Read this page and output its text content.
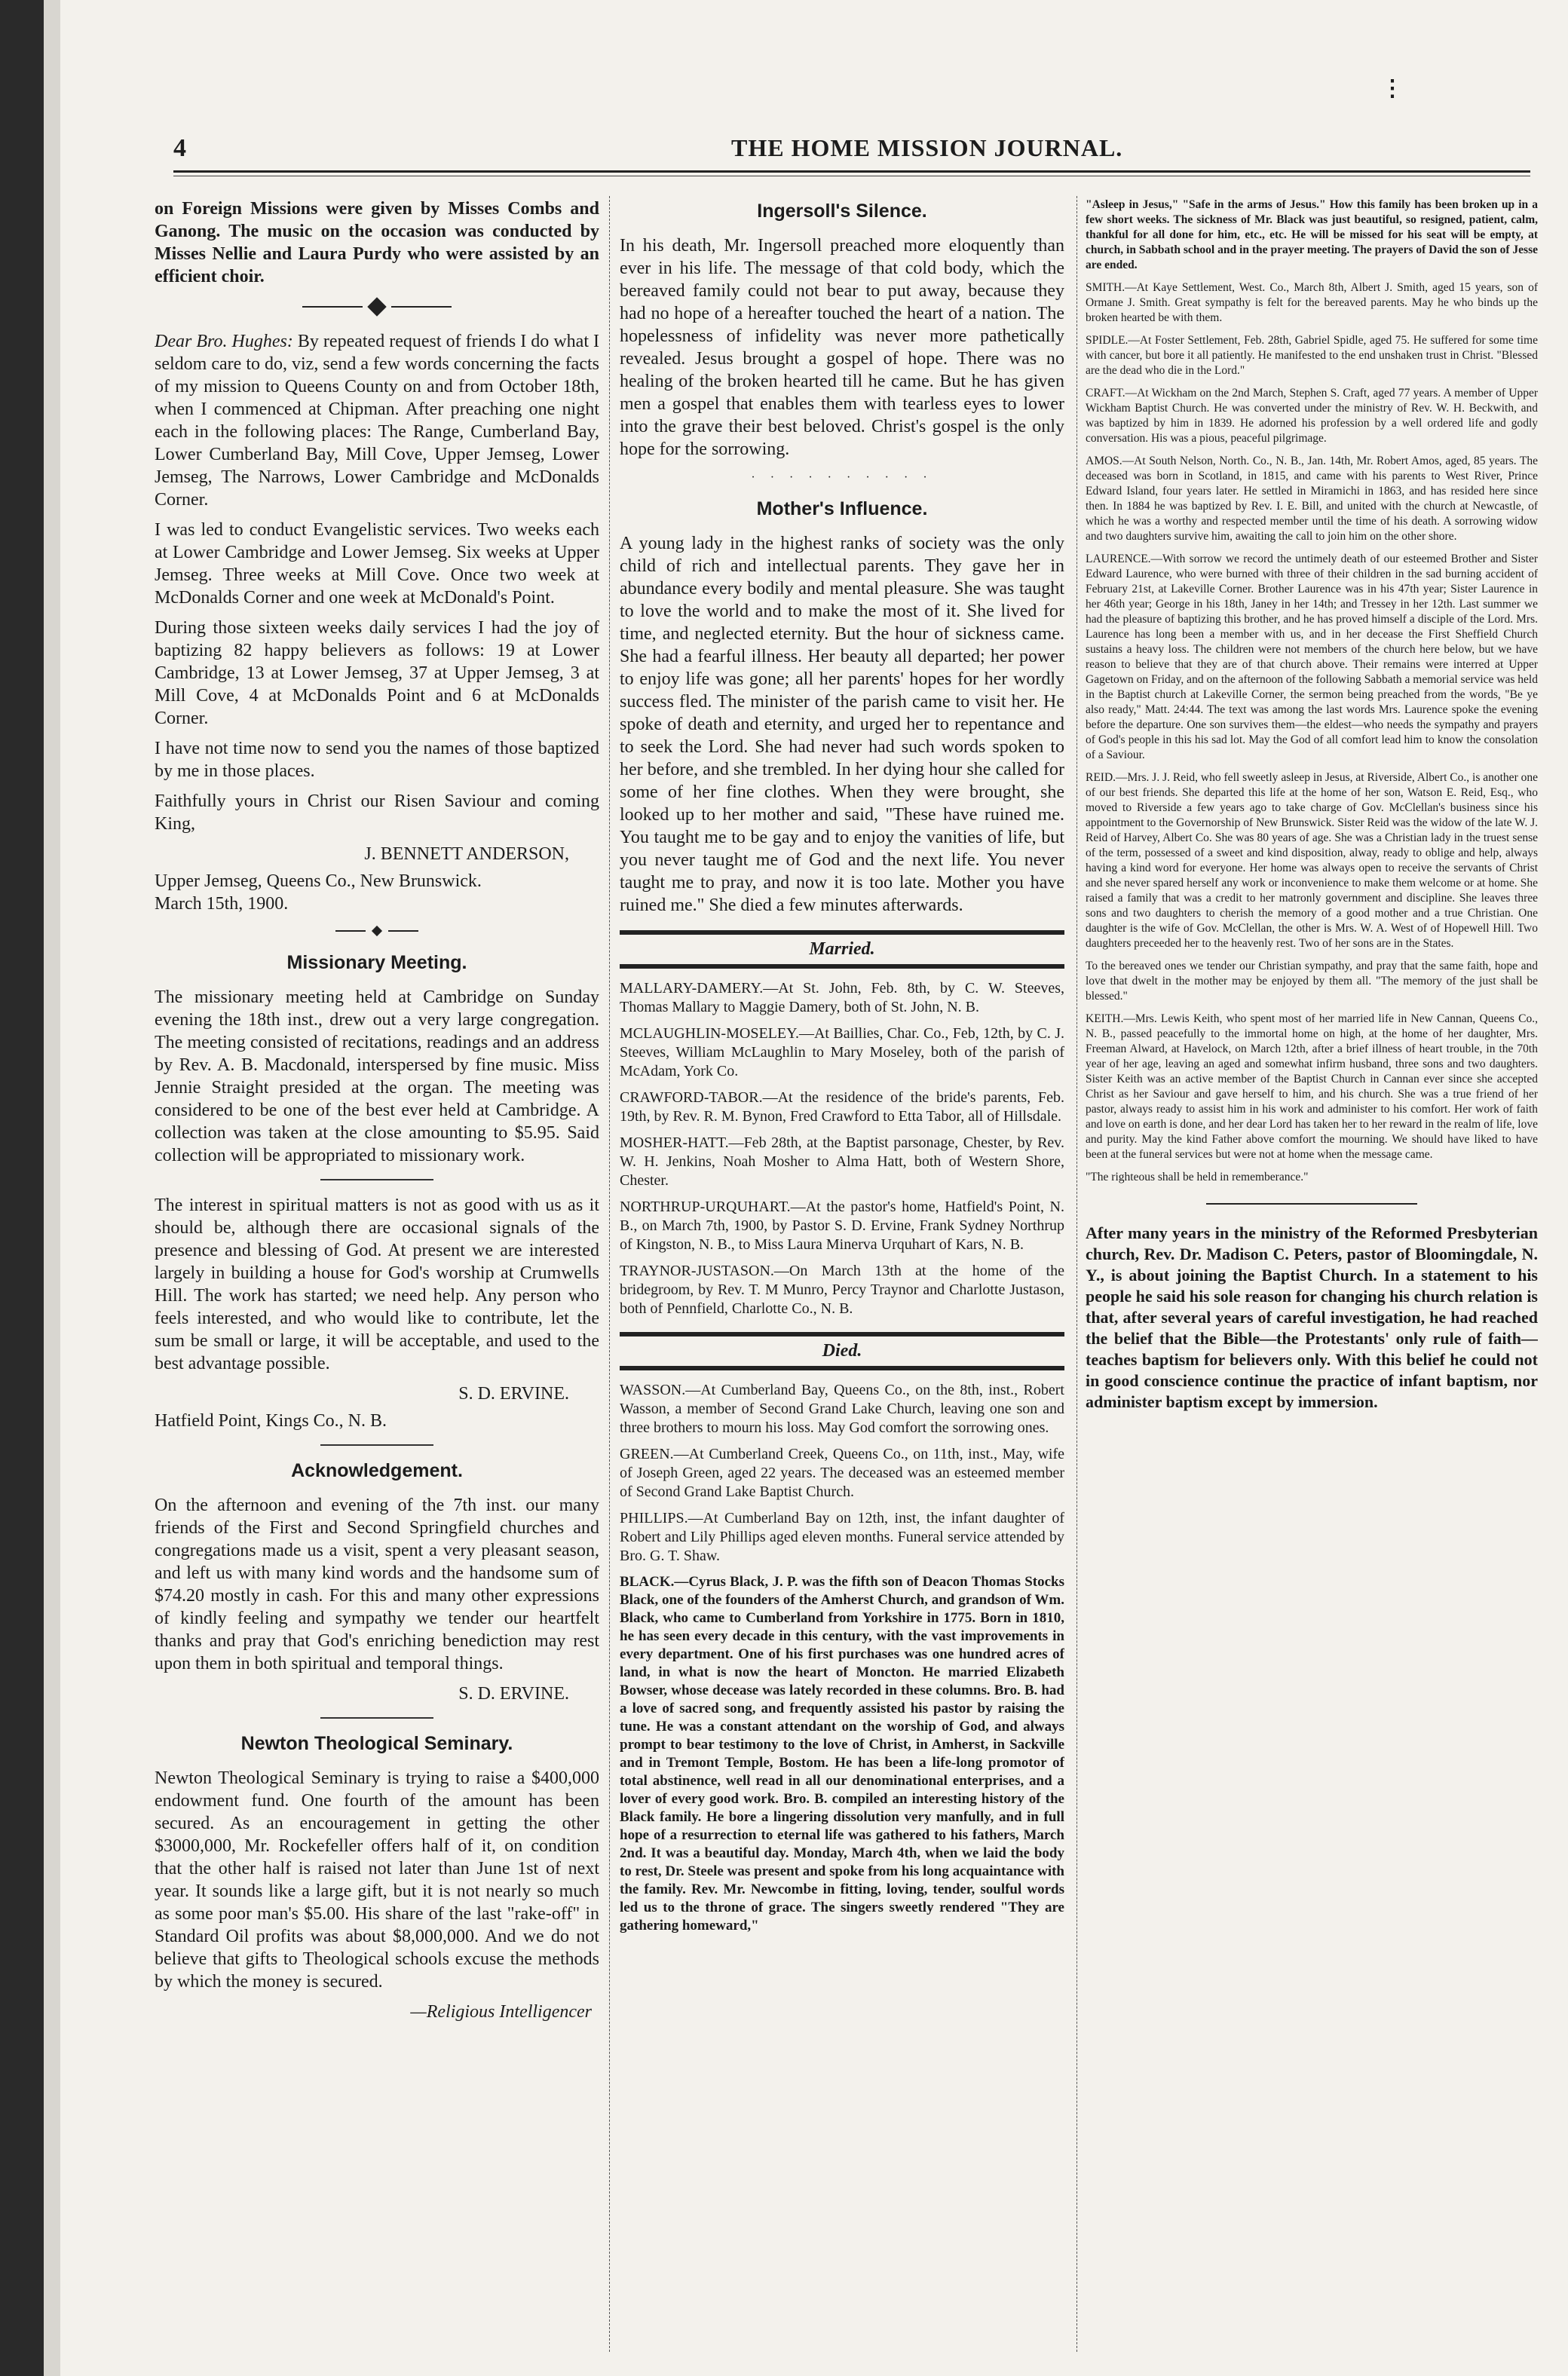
⋮
4	THE HOME MISSION JOURNAL.

on Foreign Missions were given by Misses Combs and Ganong. The music on the occasion was conducted by Misses Nellie and Laura Purdy who were assisted by an efficient choir.

Dear Bro. Hughes: By repeated request of friends I do what I seldom care to do, viz, send a few words concerning the facts of my mission to Queens County on and from October 18th, when I commenced at Chipman. After preaching one night each in the following places: The Range, Cumberland Bay, Lower Cumberland Bay, Mill Cove, Upper Jemseg, Lower Jemseg, The Narrows, Lower Cambridge and McDonalds Corner.

I was led to conduct Evangelistic services. Two weeks each at Lower Cambridge and Lower Jemseg. Six weeks at Upper Jemseg. Three weeks at Mill Cove. Once two week at McDonalds Corner and one week at McDonald's Point.

During those sixteen weeks daily services I had the joy of baptizing 82 happy believers as follows: 19 at Lower Cambridge, 13 at Lower Jemseg, 37 at Upper Jemseg, 3 at Mill Cove, 4 at McDonalds Point and 6 at McDonalds Corner.

I have not time now to send you the names of those baptized by me in those places.

Faithfully yours in Christ our Risen Saviour and coming King,

J. BENNETT ANDERSON,

Upper Jemseg, Queens Co., New Brunswick.

March 15th, 1900.

Missionary Meeting.

The missionary meeting held at Cambridge on Sunday evening the 18th inst., drew out a very large congregation. The meeting consisted of recitations, readings and an address by Rev. A. B. Macdonald, interspersed by fine music. Miss Jennie Straight presided at the organ. The meeting was considered to be one of the best ever held at Cambridge. A collection was taken at the close amounting to $5.95. Said collection will be appropriated to missionary work.

The interest in spiritual matters is not as good with us as it should be, although there are occasional signals of the presence and blessing of God. At present we are interested largely in building a house for God's worship at Crumwells Hill. The work has started; we need help. Any person who feels interested, and who would like to contribute, let the sum be small or large, it will be acceptable, and used to the best advantage possible.

S. D. ERVINE.

Hatfield Point, Kings Co., N. B.

Acknowledgement.

On the afternoon and evening of the 7th inst. our many friends of the First and Second Springfield churches and congregations made us a visit, spent a very pleasant season, and left us with many kind words and the handsome sum of $74.20 mostly in cash. For this and many other expressions of kindly feeling and sympathy we tender our heartfelt thanks and pray that God's enriching benediction may rest upon them in both spiritual and temporal things.

S. D. ERVINE.

Newton Theological Seminary.

Newton Theological Seminary is trying to raise a $400,000 endowment fund. One fourth of the amount has been secured. As an encouragement in getting the other $3000,000, Mr. Rockefeller offers half of it, on condition that the other half is raised not later than June 1st of next year. It sounds like a large gift, but it is not nearly so much as some poor man's $5.00. His share of the last "rake-off" in Standard Oil profits was about $8,000,000. And we do not believe that gifts to Theological schools excuse the methods by which the money is secured.

—Religious Intelligencer

Ingersoll's Silence.

In his death, Mr. Ingersoll preached more eloquently than ever in his life. The message of that cold body, which the bereaved family could not bear to put away, because they had no hope of a hereafter touched the heart of a nation. The hopelessness of infidelity was never more pathetically revealed. Jesus brought a gospel of hope. There was no healing of the broken hearted till he came. But he has given men a gospel that enables them with tearless eyes to lower into the grave their best beloved. Christ's gospel is the only hope for the sorrowing.

· · · · · · · · · ·
Mother's Influence.

A young lady in the highest ranks of society was the only child of rich and intellectual parents. They gave her in abundance every bodily and mental pleasure. She was taught to love the world and to make the most of it. She lived for time, and neglected eternity. But the hour of sickness came. She had a fearful illness. Her beauty all departed; her power to enjoy life was gone; all her parents' hopes for her wordly success fled. The minister of the parish came to visit her. He spoke of death and eternity, and urged her to repentance and to seek the Lord. She had never had such words spoken to her before, and she trembled. In her dying hour she called for some of her fine clothes. When they were brought, she looked up to her mother and said, "These have ruined me. You taught me to be gay and to enjoy the vanities of life, but you never taught me of God and the next life. You never taught me to pray, and now it is too late. Mother you have ruined me." She died a few minutes afterwards.

Married.

MALLARY-DAMERY.—At St. John, Feb. 8th, by C. W. Steeves, Thomas Mallary to Maggie Damery, both of St. John, N. B.

MCLAUGHLIN-MOSELEY.—At Baillies, Char. Co., Feb, 12th, by C. J. Steeves, William McLaughlin to Mary Moseley, both of the parish of McAdam, York Co.

CRAWFORD-TABOR.—At the residence of the bride's parents, Feb. 19th, by Rev. R. M. Bynon, Fred Crawford to Etta Tabor, all of Hillsdale.

MOSHER-HATT.—Feb 28th, at the Baptist parsonage, Chester, by Rev. W. H. Jenkins, Noah Mosher to Alma Hatt, both of Western Shore, Chester.

NORTHRUP-URQUHART.—At the pastor's home, Hatfield's Point, N. B., on March 7th, 1900, by Pastor S. D. Ervine, Frank Sydney Northrup of Kingston, N. B., to Miss Laura Minerva Urquhart of Kars, N. B.

TRAYNOR-JUSTASON.—On March 13th at the home of the bridegroom, by Rev. T. M Munro, Percy Traynor and Charlotte Justason, both of Pennfield, Charlotte Co., N. B.

Died.

WASSON.—At Cumberland Bay, Queens Co., on the 8th, inst., Robert Wasson, a member of Second Grand Lake Church, leaving one son and three brothers to mourn his loss. May God comfort the sorrowing ones.

GREEN.—At Cumberland Creek, Queens Co., on 11th, inst., May, wife of Joseph Green, aged 22 years. The deceased was an esteemed member of Second Grand Lake Baptist Church.

PHILLIPS.—At Cumberland Bay on 12th, inst, the infant daughter of Robert and Lily Phillips aged eleven months. Funeral service attended by Bro. G. T. Shaw.

BLACK.—Cyrus Black, J. P. was the fifth son of Deacon Thomas Stocks Black, one of the founders of the Amherst Church, and grandson of Wm. Black, who came to Cumberland from Yorkshire in 1775. Born in 1810, he has seen every decade in this century, with the vast improvements in every department. One of his first purchases was one hundred acres of land, in what is now the heart of Moncton. He married Elizabeth Bowser, whose decease was lately recorded in these columns. Bro. B. had a love of sacred song, and frequently assisted his pastor by raising the tune. He was a constant attendant on the worship of God, and always prompt to bear testimony to the love of Christ, in Amherst, in Sackville and in Tremont Temple, Bostom. He has been a life-long promotor of total abstinence, well read in all our denominational enterprises, and a lover of every good work. Bro. B. compiled an interesting history of the Black family. He bore a lingering dissolution very manfully, and in full hope of a resurrection to eternal life was gathered to his fathers, March 2nd. It was a beautiful day. Monday, March 4th, when we laid the body to rest, Dr. Steele was present and spoke from his long acquaintance with the family. Rev. Mr. Newcombe in fitting, loving, tender, soulful words led us to the throne of grace. The singers sweetly rendered "They are gathering homeward,"

"Asleep in Jesus," "Safe in the arms of Jesus." How this family has been broken up in a few short weeks. The sickness of Mr. Black was just beautiful, so resigned, patient, calm, thankful for all done for him, etc., etc. He will be missed for his seat will be empty, at church, in Sabbath school and in the prayer meeting. The prayers of David the son of Jesse are ended.

SMITH.—At Kaye Settlement, West. Co., March 8th, Albert J. Smith, aged 15 years, son of Ormane J. Smith. Great sympathy is felt for the bereaved parents. May he who binds up the broken hearted be with them.

SPIDLE.—At Foster Settlement, Feb. 28th, Gabriel Spidle, aged 75. He suffered for some time with cancer, but bore it all patiently. He manifested to the end unshaken trust in Christ. "Blessed are the dead who die in the Lord."

CRAFT.—At Wickham on the 2nd March, Stephen S. Craft, aged 77 years. A member of Upper Wickham Baptist Church. He was converted under the ministry of Rev. W. H. Beckwith, and was baptized by him in 1839. He adorned his profession by a well ordered life and godly conversation. His was a pious, peaceful pilgrimage.

AMOS.—At South Nelson, North. Co., N. B., Jan. 14th, Mr. Robert Amos, aged, 85 years. The deceased was born in Scotland, in 1815, and came with his parents to West River, Prince Edward Island, four years later. He settled in Miramichi in 1863, and has resided here since then. In 1884 he was baptized by Rev. I. E. Bill, and united with the church at Newcastle, of which he was a worthy and respected member until the time of his death. A sorrowing widow and two daughters survive him, awaiting the call to join him on the other shore.

LAURENCE.—With sorrow we record the untimely death of our esteemed Brother and Sister Edward Laurence, who were burned with three of their children in the sad burning accident of February 21st, at Lakeville Corner. Brother Laurence was in his 47th year; Sister Laurence in her 46th year; George in his 18th, Janey in her 14th; and Tressey in her 12th. Last summer we had the pleasure of baptizing this brother, and he has proved himself a disciple of the Lord. Mrs. Laurence has long been a member with us, and in her decease the First Sheffield Church sustains a heavy loss. The children were not members of the church here below, but we have reason to believe that they are of that church above. Their remains were interred at Upper Gagetown on Friday, and on the afternoon of the following Sabbath a memorial service was held in the Baptist church at Lakeville Corner, the sermon being preached from the words, "Be ye also ready," Matt. 24:44. The text was among the last words Mrs. Laurence spoke the evening before the departure. One son survives them—the eldest—who needs the sympathy and prayers of God's people in this his sad lot. May the God of all comfort lead him to know the consolation of a Saviour.

REID.—Mrs. J. J. Reid, who fell sweetly asleep in Jesus, at Riverside, Albert Co., is another one of our best friends. She departed this life at the home of her son, Watson E. Reid, Esq., who moved to Riverside a few years ago to take charge of Gov. McClellan's business since his appointment to the Governorship of New Brunswick. Sister Reid was the widow of the late W. J. Reid of Harvey, Albert Co. She was 80 years of age. She was a Christian lady in the truest sense of the term, possessed of a sweet and kind disposition, alway, ready to oblige and help, always having a kind word for everyone. Her home was always open to receive the servants of Christ and she never spared herself any work or inconvenience to make them welcome or at home. She raised a family that was a credit to her matronly government and discipline. She leaves three sons and two daughters to cherish the memory of a good mother and a true Christian. One daughter is the wife of Gov. McClellan, the other is Mrs. W. A. West of of Hopewell Hill. Two daughters preceeded her to the heavenly rest. Two of her sons are in the States.

To the bereaved ones we tender our Christian sympathy, and pray that the same faith, hope and love that dwelt in the mother may be enjoyed by them all. "The memory of the just shall be blessed."

KEITH.—Mrs. Lewis Keith, who spent most of her married life in New Cannan, Queens Co., N. B., passed peacefully to the immortal home on high, at the home of her daughter, Mrs. Freeman Alward, at Havelock, on March 12th, after a brief illness of heart trouble, in the 70th year of her age, leaving an aged and somewhat infirm husband, three sons and two daughters. Sister Keith was an active member of the Baptist Church in Cannan ever since she accepted Christ as her Saviour and gave herself to him, and his church. She was a true friend of her pastor, always ready to assist him in his work and administer to his comfort. Her work of faith and love on earth is done, and her dear Lord has taken her to her reward in the realm of life, love and purity. May the kind Father above comfort the mourning. We should have liked to have been at the funeral services but were not at home when the message came.

"The righteous shall be held in rememberance."

After many years in the ministry of the Reformed Presbyterian church, Rev. Dr. Madison C. Peters, pastor of Bloomingdale, N. Y., is about joining the Baptist Church. In a statement to his people he said his sole reason for changing his church relation is that, after several years of careful investigation, he had reached the belief that the Bible—the Protestants' only rule of faith—teaches baptism for believers only. With this belief he could not in good conscience continue the practice of infant baptism, nor administer baptism except by immersion.
